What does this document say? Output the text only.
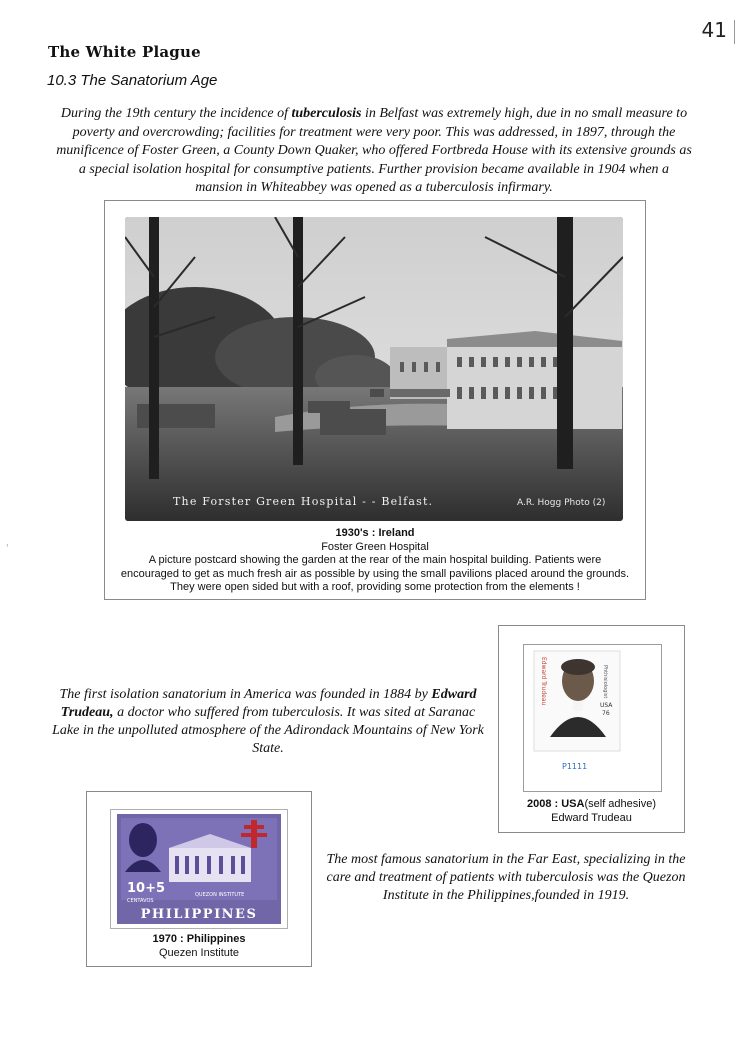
41
The White Plague
10.3 The Sanatorium Age
During the 19th century the incidence of tuberculosis in Belfast was extremely high, due in no small measure to poverty and overcrowding; facilities for treatment were very poor. This was addressed, in 1897, through the munificence of Foster Green, a County Down Quaker, who offered Fortbreda House with its extensive grounds as a special isolation hospital for consumptive patients. Further provision became available in 1904 when a mansion in Whiteabbey was opened as a tuberculosis infirmary.
The Forster Green Hospital - - Belfast.	A.R. Hogg Photo (2)
1930's : Ireland
Foster Green Hospital
A picture postcard showing the garden at the rear of the main hospital building. Patients were encouraged to get as much fresh air as possible by using the small pavilions placed around the grounds. They were open sided but with a roof, providing some protection from the elements !
Edward Trudeau	Phthisiologist
USA
76
P1111
2008 : USA(self adhesive)
Edward Trudeau
The first isolation sanatorium in America was founded in 1884 by Edward Trudeau, a doctor who suffered from tuberculosis. It was sited at Saranac Lake in the unpolluted atmosphere of the Adirondack Mountains of New York State.
10+5
CENTAVOS
QUEZON INSTITUTE
PHILIPPINES
1970 : Philippines
Quezen Institute
The most famous sanatorium in the Far East, specializing in the care and treatment of patients with tuberculosis was the Quezon Institute in the Philippines,founded in 1919.
'
